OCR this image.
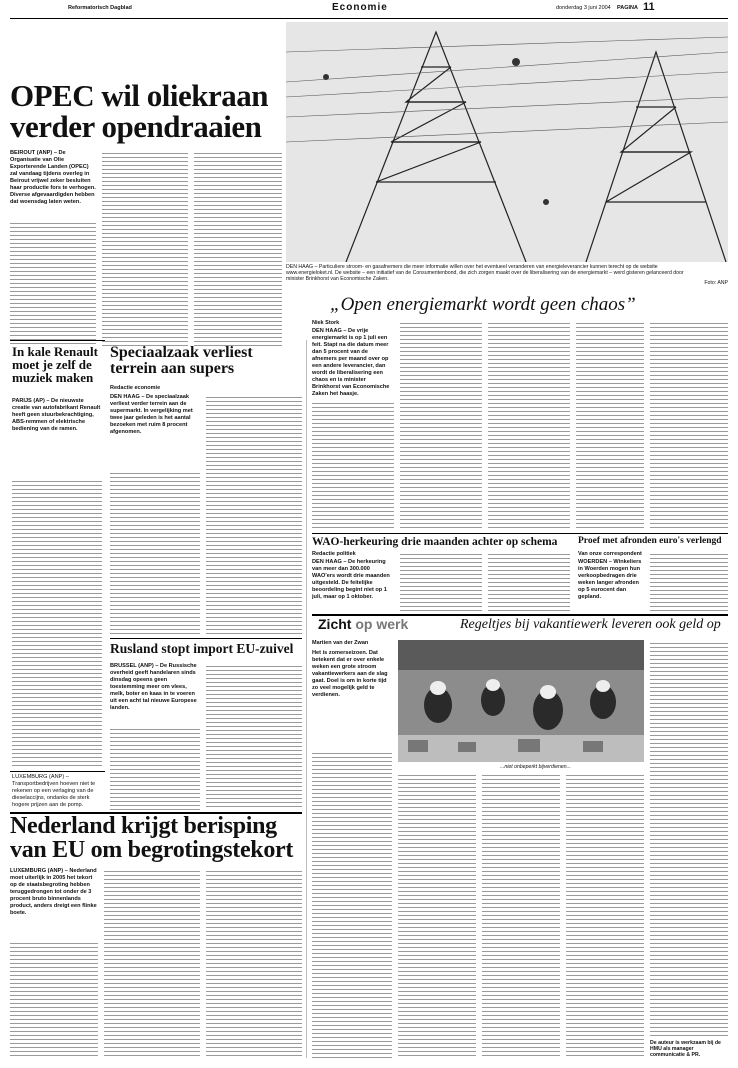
Reformatorisch Dagblad	Economie	donderdag 3 juni 2004 PAGINA 11
OPEC wil oliekraan
verder opendraaien
BEIROUT (ANP) – De Organisatie van Olie Exporterende Landen (OPEC) zal vandaag tijdens overleg in Beirout vrijwel zeker besluiten haar productie fors te verhogen. Diverse afgevaardigden hebben dat woensdag laten weten.
DEN HAAG – Particuliere stroom- en gasafnemers die meer informatie willen over het eventueel veranderen van energieleverancier kunnen terecht op de website www.energieloket.nl. De website – een initiatief van de Consumentenbond, die zich zorgen maakt over de liberalisering van de energiemarkt – werd gisteren gelanceerd door minister Brinkhorst van Economische Zaken.
Foto: ANP
„Open energiemarkt wordt geen chaos”
In kale Renault moet je zelf de muziek maken
PARIJS (AP) – De nieuwste creatie van autofabrikant Renault heeft geen stuurbekrachtiging, ABS-remmen of elektrische bediening van de ramen.
LUXEMBURG (ANP) – Transportbedrijven hoeven niet te rekenen op een verlaging van de dieselaccijns, ondanks de sterk hogere prijzen aan de pomp.
Speciaalzaak verliest terrein aan supers
Redactie economie
DEN HAAG – De speciaalzaak verliest verder terrein aan de supermarkt. In vergelijking met twee jaar geleden is het aantal bezoeken met ruim 8 procent afgenomen.
Rusland stopt import EU-zuivel
BRUSSEL (ANP) – De Russische overheid geeft handelaren sinds dinsdag opeens geen toestemming meer om vlees, melk, boter en kaas in te voeren uit een acht tal nieuwe Europese landen.
Niek Stork
DEN HAAG – De vrije energiemarkt is op 1 juli een feit. Stapt na die datum meer dan 5 procent van de afnemers per maand over op een andere leverancier, dan wordt de liberalisering een chaos en is minister Brinkhorst van Economische Zaken het haasje.
WAO-herkeuring drie maanden achter op schema
Redactie politiek
DEN HAAG – De herkeuring van meer dan 300.000 WAO'ers wordt drie maanden uitgesteld. De feitelijke beoordeling begint niet op 1 juli, maar op 1 oktober.
Proef met afronden euro's verlengd
Van onze correspondent
WOERDEN – Winkeliers in Woerden mogen hun verkoopbedragen drie weken langer afronden op 5 eurocent dan gepland.
Zicht op werk	Regeltjes bij vakantiewerk leveren ook geld op
Martien van der Zwan
Het is zomerseizoen. Dat betekent dat er over enkele weken een grote stroom vakantiewerkers aan de slag gaat. Doel is om in korte tijd zo veel mogelijk geld te verdienen.
...niet onbeperkt bijverdienen...
De auteur is werkzaam bij de HMU als manager communicatie & PR.
Nederland krijgt berisping
van EU om begrotingstekort
LUXEMBURG (ANP) – Nederland moet uiterlijk in 2005 het tekort op de staatsbegroting hebben teruggedrongen tot onder de 3 procent bruto binnenlands product, anders dreigt een flinke boete.
